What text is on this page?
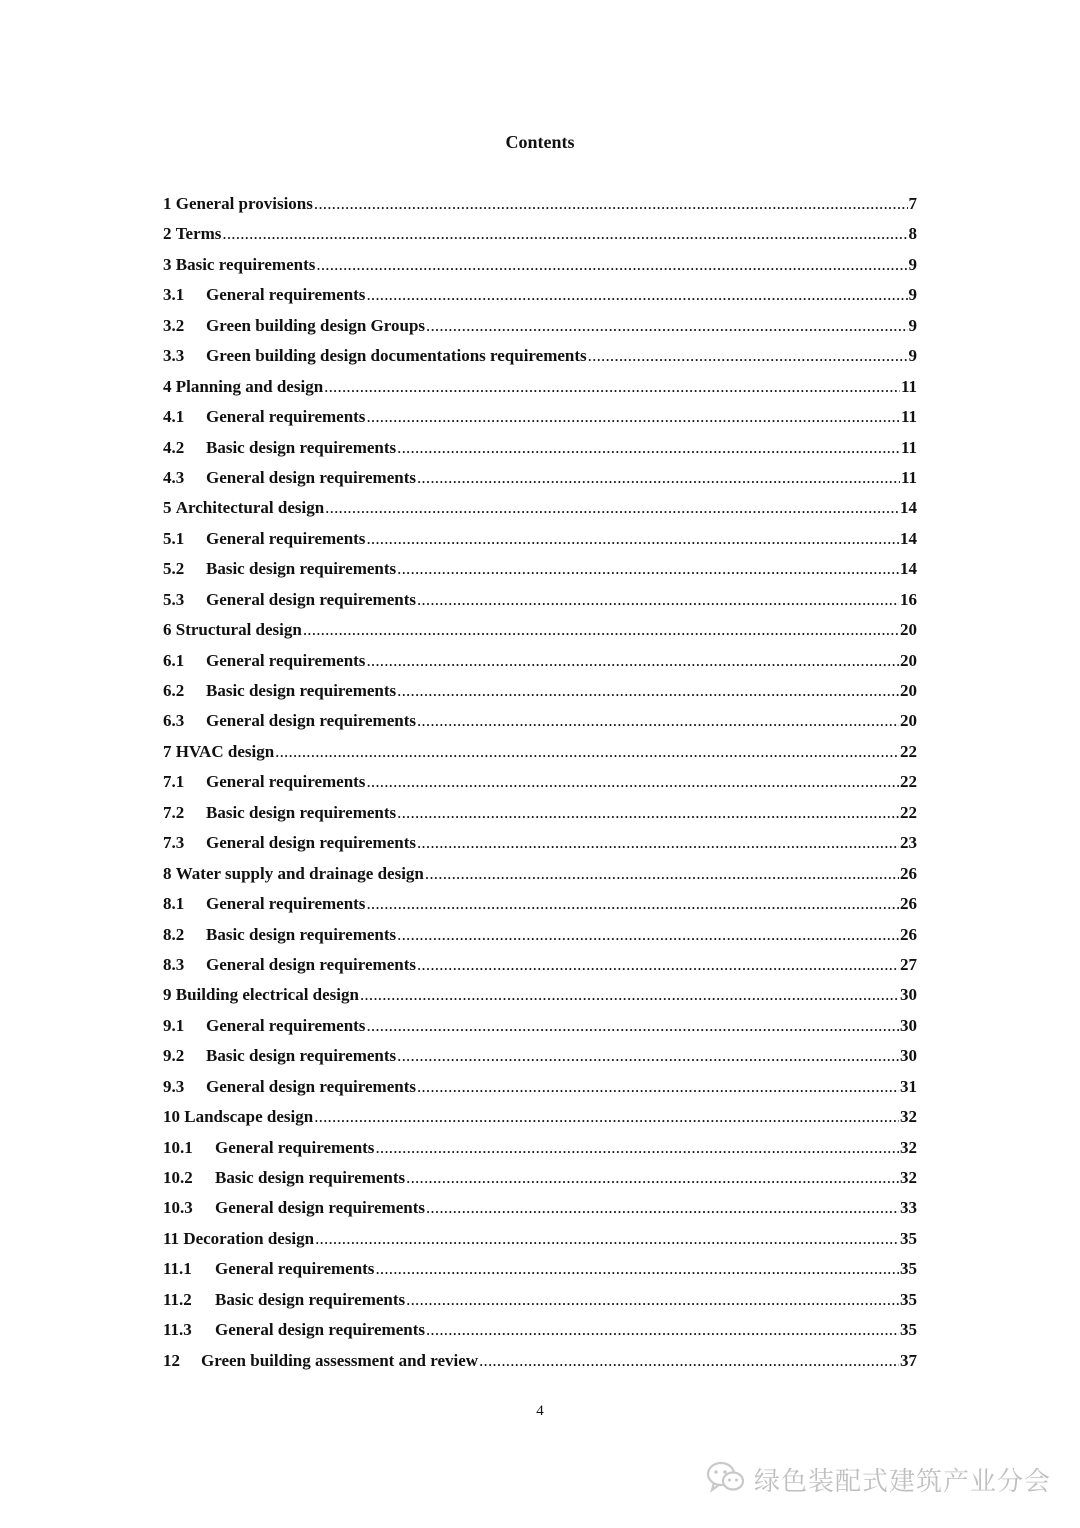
Contents
1 General provisions .....	7
2 Terms .....	8
3 Basic requirements .....	9
3.1	General requirements .....	9
3.2	Green building design Groups .....	9
3.3	Green building design documentations requirements .....	9
4 Planning and design .....	11
4.1	General requirements .....	11
4.2	Basic design requirements .....	11
4.3	General design requirements .....	11
5 Architectural design .....	14
5.1	General requirements .....	14
5.2	Basic design requirements .....	14
5.3	General design requirements .....	16
6 Structural design .....	20
6.1	General requirements .....	20
6.2	Basic design requirements .....	20
6.3	General design requirements .....	20
7 HVAC design .....	22
7.1	General requirements .....	22
7.2	Basic design requirements .....	22
7.3	General design requirements .....	23
8 Water supply and drainage design .....	26
8.1	General requirements .....	26
8.2	Basic design requirements .....	26
8.3	General design requirements .....	27
9 Building electrical design .....	30
9.1	General requirements .....	30
9.2	Basic design requirements .....	30
9.3	General design requirements .....	31
10 Landscape design .....	32
10.1	General requirements .....	32
10.2	Basic design requirements .....	32
10.3	General design requirements .....	33
11 Decoration design .....	35
11.1	General requirements .....	35
11.2	Basic design requirements .....	35
11.3	General design requirements .....	35
12	Green building assessment and review .....	37
4
绿色装配式建筑产业分会
